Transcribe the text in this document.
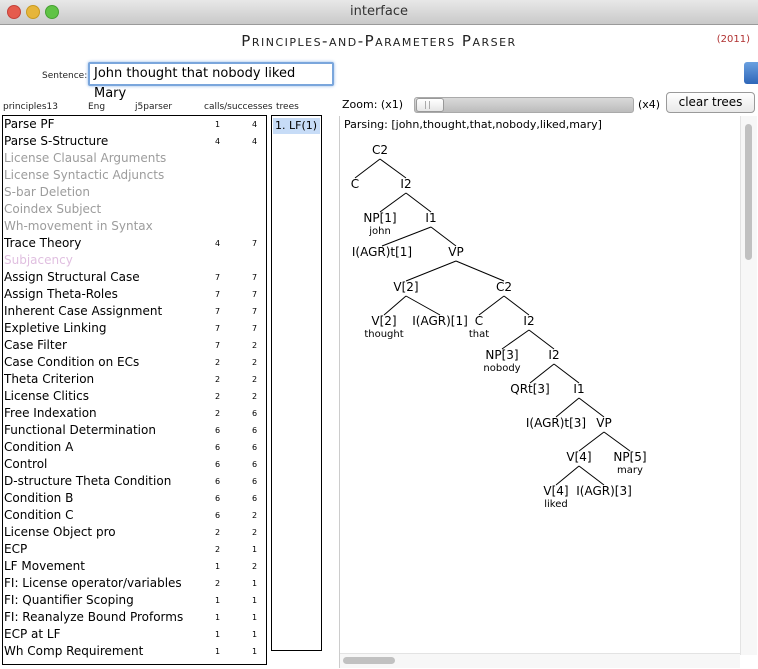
interface
Principles-and-Parameters Parser	(2011)
Sentence: John thought that nobody liked Mary
principles13	Eng	j5parser	calls/successes trees
Parse PF	1	4
Parse S-Structure	4	4
License Clausal Arguments
License Syntactic Adjuncts
S-bar Deletion
Coindex Subject
Wh-movement in Syntax
Trace Theory	4	7
Subjacency
Assign Structural Case	7	7
Assign Theta-Roles	7	7
Inherent Case Assignment	7	7
Expletive Linking	7	7
Case Filter	7	2
Case Condition on ECs	2	2
Theta Criterion	2	2
License Clitics	2	2
Free Indexation	2	6
Functional Determination	6	6
Condition A	6	6
Control	6	6
D-structure Theta Condition	6	6
Condition B	6	6
Condition C	6	2
License Object pro	2	2
ECP	2	1
LF Movement	1	2
FI: License operator/variables	2	1
FI: Quantifier Scoping	1	1
FI: Reanalyze Bound Proforms	1	1
ECP at LF	1	1
Wh Comp Requirement	1	1
1. LF(1)
Zoom: (x1)	(x4)	clear trees
Parsing: [john,thought,that,nobody,liked,mary]
C2
C	I2
NP[1]
john
I1
I(AGR)t[1]	VP
V[2]	C2
V[2]
thought
I(AGR)[1] C
that
I2
NP[3]
nobody
I2
QRt[3] I1
I(AGR)t[3] VP
V[4] NP[5]
mary
V[4]
liked
I(AGR)[3]
